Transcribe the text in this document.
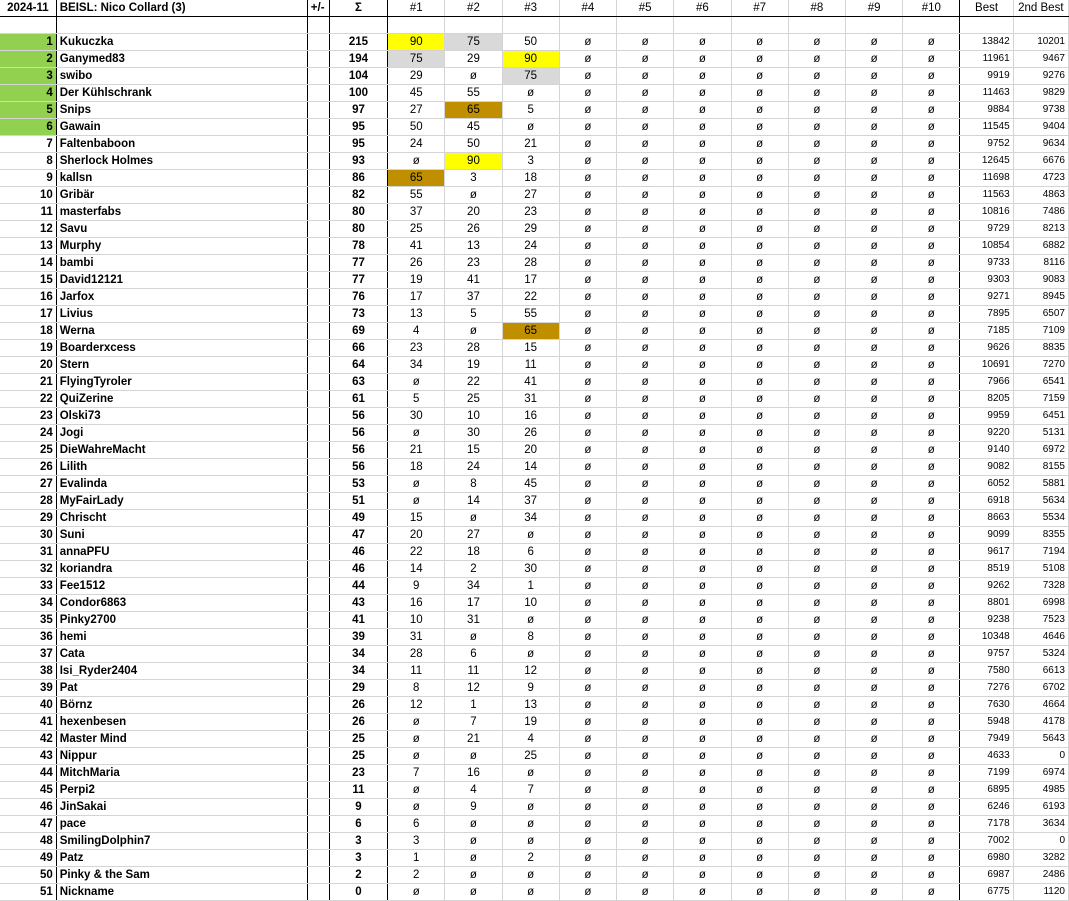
2024-11	BEISL: Nico Collard (3)	+/-	Σ	#1	#2	#3	#4	#5	#6	#7	#8	#9	#10	Best	2nd Best

1	Kukuczka		215	90	75	50	ø	ø	ø	ø	ø	ø	ø	13842	10201
2	Ganymed83		194	75	29	90	ø	ø	ø	ø	ø	ø	ø	11961	9467
3	swibo		104	29	ø	75	ø	ø	ø	ø	ø	ø	ø	9919	9276
4	Der Kühlschrank		100	45	55	ø	ø	ø	ø	ø	ø	ø	ø	11463	9829
5	Snips		97	27	65	5	ø	ø	ø	ø	ø	ø	ø	9884	9738
6	Gawain		95	50	45	ø	ø	ø	ø	ø	ø	ø	ø	11545	9404
7	Faltenbaboon		95	24	50	21	ø	ø	ø	ø	ø	ø	ø	9752	9634
8	Sherlock Holmes		93	ø	90	3	ø	ø	ø	ø	ø	ø	ø	12645	6676
9	kallsn		86	65	3	18	ø	ø	ø	ø	ø	ø	ø	11698	4723
10	Gribär		82	55	ø	27	ø	ø	ø	ø	ø	ø	ø	11563	4863
11	masterfabs		80	37	20	23	ø	ø	ø	ø	ø	ø	ø	10816	7486
12	Savu		80	25	26	29	ø	ø	ø	ø	ø	ø	ø	9729	8213
13	Murphy		78	41	13	24	ø	ø	ø	ø	ø	ø	ø	10854	6882
14	bambi		77	26	23	28	ø	ø	ø	ø	ø	ø	ø	9733	8116
15	David12121		77	19	41	17	ø	ø	ø	ø	ø	ø	ø	9303	9083
16	Jarfox		76	17	37	22	ø	ø	ø	ø	ø	ø	ø	9271	8945
17	Livius		73	13	5	55	ø	ø	ø	ø	ø	ø	ø	7895	6507
18	Werna		69	4	ø	65	ø	ø	ø	ø	ø	ø	ø	7185	7109
19	Boarderxcess		66	23	28	15	ø	ø	ø	ø	ø	ø	ø	9626	8835
20	Stern		64	34	19	11	ø	ø	ø	ø	ø	ø	ø	10691	7270
21	FlyingTyroler		63	ø	22	41	ø	ø	ø	ø	ø	ø	ø	7966	6541
22	QuiZerine		61	5	25	31	ø	ø	ø	ø	ø	ø	ø	8205	7159
23	Olski73		56	30	10	16	ø	ø	ø	ø	ø	ø	ø	9959	6451
24	Jogi		56	ø	30	26	ø	ø	ø	ø	ø	ø	ø	9220	5131
25	DieWahreMacht		56	21	15	20	ø	ø	ø	ø	ø	ø	ø	9140	6972
26	Lilith		56	18	24	14	ø	ø	ø	ø	ø	ø	ø	9082	8155
27	Evalinda		53	ø	8	45	ø	ø	ø	ø	ø	ø	ø	6052	5881
28	MyFairLady		51	ø	14	37	ø	ø	ø	ø	ø	ø	ø	6918	5634
29	Chrischt		49	15	ø	34	ø	ø	ø	ø	ø	ø	ø	8663	5534
30	Suni		47	20	27	ø	ø	ø	ø	ø	ø	ø	ø	9099	8355
31	annaPFU		46	22	18	6	ø	ø	ø	ø	ø	ø	ø	9617	7194
32	koriandra		46	14	2	30	ø	ø	ø	ø	ø	ø	ø	8519	5108
33	Fee1512		44	9	34	1	ø	ø	ø	ø	ø	ø	ø	9262	7328
34	Condor6863		43	16	17	10	ø	ø	ø	ø	ø	ø	ø	8801	6998
35	Pinky2700		41	10	31	ø	ø	ø	ø	ø	ø	ø	ø	9238	7523
36	hemi		39	31	ø	8	ø	ø	ø	ø	ø	ø	ø	10348	4646
37	Cata		34	28	6	ø	ø	ø	ø	ø	ø	ø	ø	9757	5324
38	Isi_Ryder2404		34	11	11	12	ø	ø	ø	ø	ø	ø	ø	7580	6613
39	Pat		29	8	12	9	ø	ø	ø	ø	ø	ø	ø	7276	6702
40	Börnz		26	12	1	13	ø	ø	ø	ø	ø	ø	ø	7630	4664
41	hexenbesen		26	ø	7	19	ø	ø	ø	ø	ø	ø	ø	5948	4178
42	Master Mind		25	ø	21	4	ø	ø	ø	ø	ø	ø	ø	7949	5643
43	Nippur		25	ø	ø	25	ø	ø	ø	ø	ø	ø	ø	4633	0
44	MitchMaria		23	7	16	ø	ø	ø	ø	ø	ø	ø	ø	7199	6974
45	Perpi2		11	ø	4	7	ø	ø	ø	ø	ø	ø	ø	6895	4985
46	JinSakai		9	ø	9	ø	ø	ø	ø	ø	ø	ø	ø	6246	6193
47	pace		6	6	ø	ø	ø	ø	ø	ø	ø	ø	ø	7178	3634
48	SmilingDolphin7		3	3	ø	ø	ø	ø	ø	ø	ø	ø	ø	7002	0
49	Patz		3	1	ø	2	ø	ø	ø	ø	ø	ø	ø	6980	3282
50	Pinky & the Sam		2	2	ø	ø	ø	ø	ø	ø	ø	ø	ø	6987	2486
51	Nickname		0	ø	ø	ø	ø	ø	ø	ø	ø	ø	ø	6775	1120
